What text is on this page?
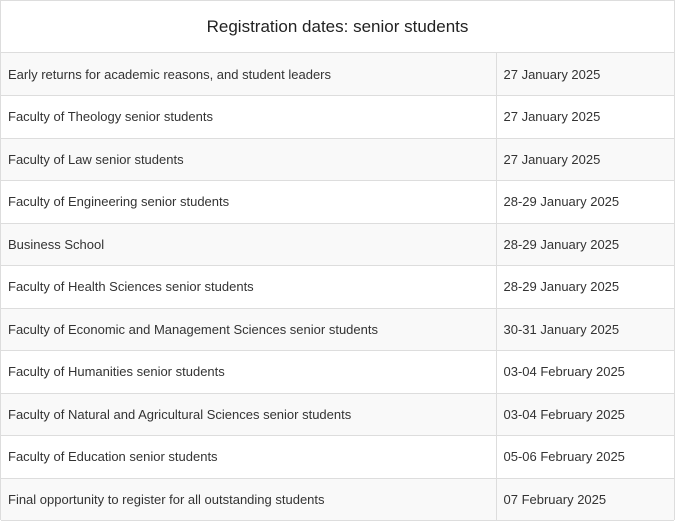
Registration dates: senior students
Early returns for academic reasons, and student leaders	27 January 2025
Faculty of Theology senior students	27 January 2025
Faculty of Law senior students	27 January 2025
Faculty of Engineering senior students	28-29 January 2025
Business School	28-29 January 2025
Faculty of Health Sciences senior students	28-29 January 2025
Faculty of Economic and Management Sciences senior students	30-31 January 2025
Faculty of Humanities senior students	03-04 February 2025
Faculty of Natural and Agricultural Sciences senior students	03-04 February 2025
Faculty of Education senior students	05-06 February 2025
Final opportunity to register for all outstanding students	07 February 2025
